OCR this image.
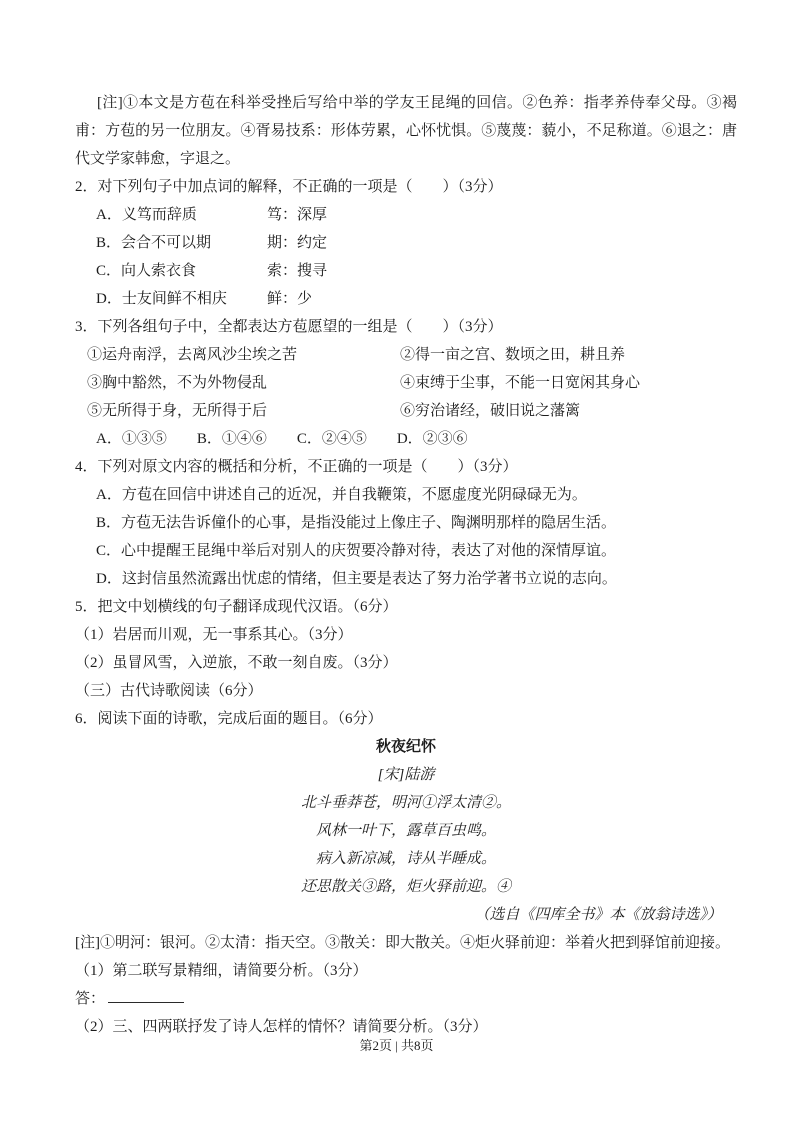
[注]①本文是方苞在科举受挫后写给中举的学友王昆绳的回信。②色养：指孝养侍奉父母。③褐甫：方苞的另一位朋友。④胥易技系：形体劳累，心怀忧惧。⑤蔑蔑：藐小，不足称道。⑥退之：唐代文学家韩愈，字退之。
2．对下列句子中加点词的解释，不正确的一项是（　　）（3分）
A．义笃而辞质	笃：深厚
B．会合不可以期	期：约定
C．向人索衣食	索：搜寻
D．士友间鲜不相庆	鲜：少
3．下列各组句子中，全都表达方苞愿望的一组是（　　）（3分）
①运舟南浮，去离风沙尘埃之苦	②得一亩之宫、数顷之田，耕且养
③胸中豁然，不为外物侵乱	④束缚于尘事，不能一日宽闲其身心
⑤无所得于身，无所得于后	⑥穷治诸经，破旧说之藩篱
A．①③⑤　　B．①④⑥　　C．②④⑤　　D．②③⑥
4．下列对原文内容的概括和分析，不正确的一项是（　　）（3分）
A．方苞在回信中讲述自己的近况，并自我鞭策，不愿虚度光阴碌碌无为。
B．方苞无法告诉僮仆的心事，是指没能过上像庄子、陶渊明那样的隐居生活。
C．心中提醒王昆绳中举后对别人的庆贺要冷静对待，表达了对他的深情厚谊。
D．这封信虽然流露出忧虑的情绪，但主要是表达了努力治学著书立说的志向。
5．把文中划横线的句子翻译成现代汉语。（6分）
（1）岩居而川观，无一事系其心。（3分）
（2）虽冒风雪，入逆旅，不敢一刻自废。（3分）
（三）古代诗歌阅读（6分）
6．阅读下面的诗歌，完成后面的题目。（6分）
秋夜纪怀
[宋]陆游
北斗垂莽苍，明河①浮太清②。
风林一叶下，露草百虫鸣。
病入新凉减，诗从半睡成。
还思散关③路，炬火驿前迎。④
（选自《四库全书》本《放翁诗选》）
[注]①明河：银河。②太清：指天空。③散关：即大散关。④炬火驿前迎：举着火把到驿馆前迎接。
（1）第二联写景精细，请简要分析。（3分）
答：
（2）三、四两联抒发了诗人怎样的情怀？请简要分析。（3分）
第2页 | 共8页
